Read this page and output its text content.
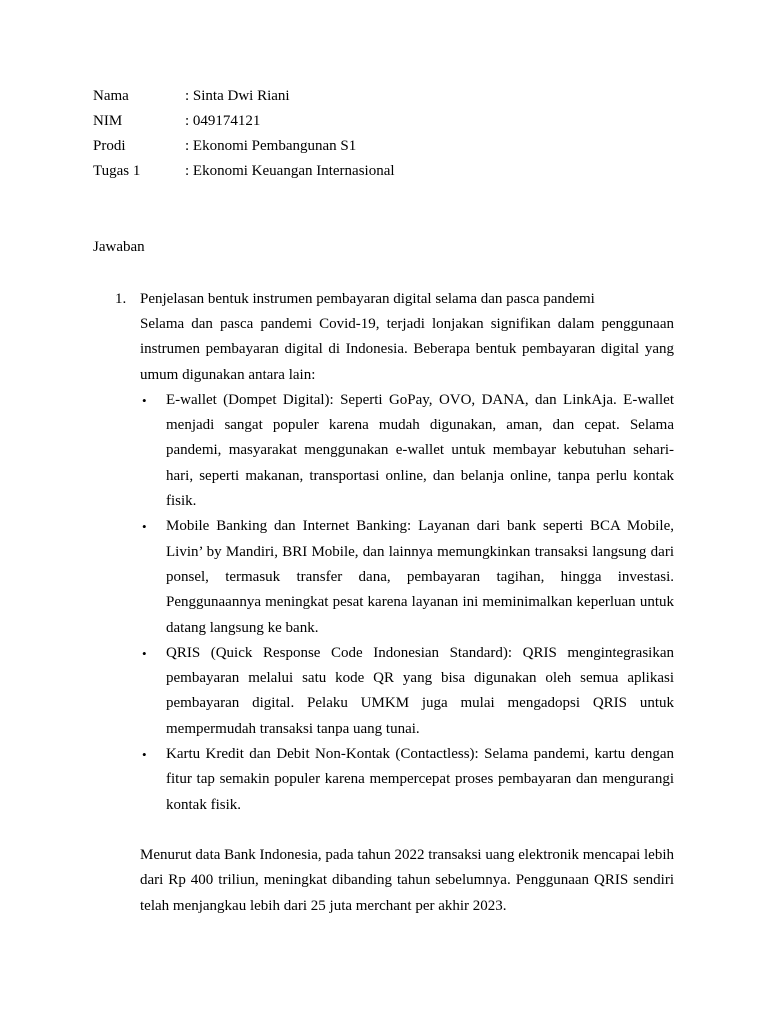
Nama	: Sinta Dwi Riani
NIM	: 049174121
Prodi	: Ekonomi Pembangunan S1
Tugas 1	: Ekonomi Keuangan Internasional
Jawaban
1. Penjelasan bentuk instrumen pembayaran digital selama dan pasca pandemi

Selama dan pasca pandemi Covid-19, terjadi lonjakan signifikan dalam penggunaan instrumen pembayaran digital di Indonesia. Beberapa bentuk pembayaran digital yang umum digunakan antara lain:

• E-wallet (Dompet Digital): Seperti GoPay, OVO, DANA, dan LinkAja. E-wallet menjadi sangat populer karena mudah digunakan, aman, dan cepat. Selama pandemi, masyarakat menggunakan e-wallet untuk membayar kebutuhan sehari-hari, seperti makanan, transportasi online, dan belanja online, tanpa perlu kontak fisik.
• Mobile Banking dan Internet Banking: Layanan dari bank seperti BCA Mobile, Livin’ by Mandiri, BRI Mobile, dan lainnya memungkinkan transaksi langsung dari ponsel, termasuk transfer dana, pembayaran tagihan, hingga investasi. Penggunaannya meningkat pesat karena layanan ini meminimalkan keperluan untuk datang langsung ke bank.
• QRIS (Quick Response Code Indonesian Standard): QRIS mengintegrasikan pembayaran melalui satu kode QR yang bisa digunakan oleh semua aplikasi pembayaran digital. Pelaku UMKM juga mulai mengadopsi QRIS untuk mempermudah transaksi tanpa uang tunai.
• Kartu Kredit dan Debit Non-Kontak (Contactless): Selama pandemi, kartu dengan fitur tap semakin populer karena mempercepat proses pembayaran dan mengurangi kontak fisik.

Menurut data Bank Indonesia, pada tahun 2022 transaksi uang elektronik mencapai lebih dari Rp 400 triliun, meningkat dibanding tahun sebelumnya. Penggunaan QRIS sendiri telah menjangkau lebih dari 25 juta merchant per akhir 2023.
